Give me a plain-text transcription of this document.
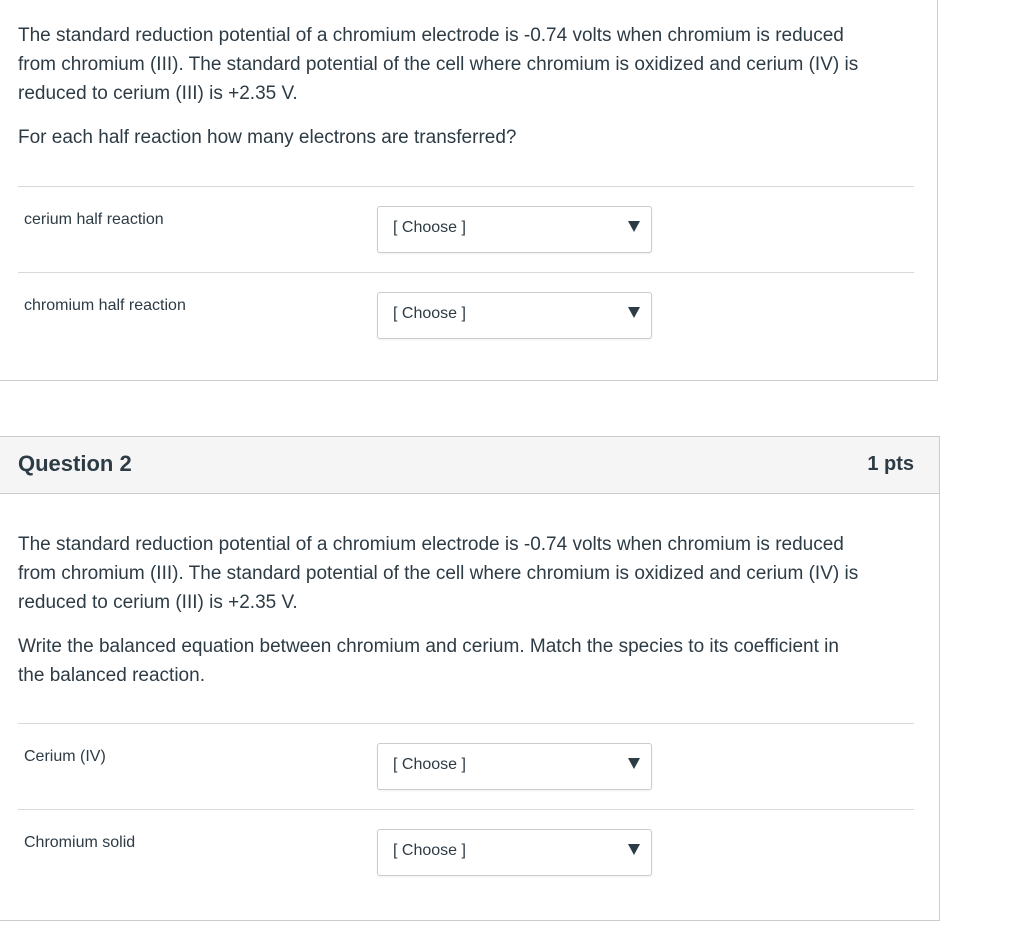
The standard reduction potential of a chromium electrode is -0.74 volts when chromium is reduced
from chromium (III). The standard potential of the cell where chromium is oxidized and cerium (IV) is
reduced to cerium (III) is +2.35 V.

For each half reaction how many electrons are transferred?

cerium half reaction	[ Choose ]
chromium half reaction	[ Choose ]
Question 2	1 pts

The standard reduction potential of a chromium electrode is -0.74 volts when chromium is reduced
from chromium (III). The standard potential of the cell where chromium is oxidized and cerium (IV) is
reduced to cerium (III) is +2.35 V.

Write the balanced equation between chromium and cerium. Match the species to its coefficient in
the balanced reaction.

Cerium (IV)	[ Choose ]
Chromium solid	[ Choose ]
